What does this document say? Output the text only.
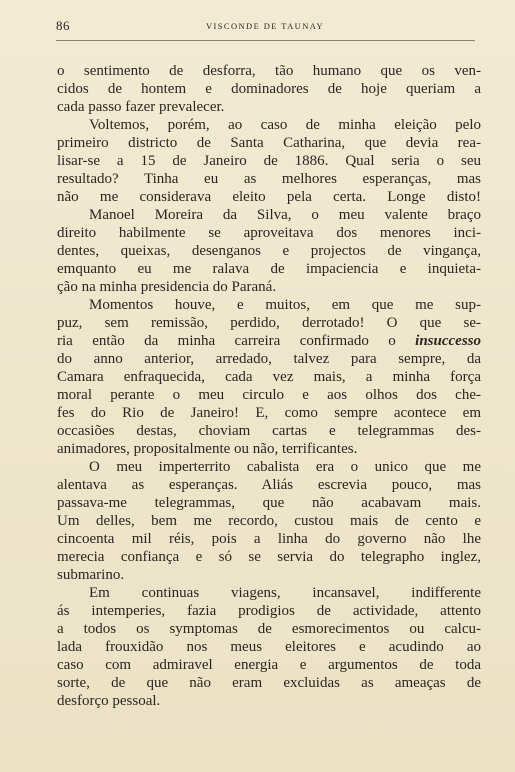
86	VISCONDE DE TAUNAY
o sentimento de desforra, tão humano que os ven-
cidos de hontem e dominadores de hoje queriam a
cada passo fazer prevalecer.
Voltemos, porém, ao caso de minha eleição pelo
primeiro districto de Santa Catharina, que devia rea-
lisar-se a 15 de Janeiro de 1886. Qual seria o seu
resultado? Tinha eu as melhores esperanças, mas
não me considerava eleito pela certa. Longe disto!
Manoel Moreira da Silva, o meu valente braço
direito habilmente se aproveitava dos menores inci-
dentes, queixas, desenganos e projectos de vingança,
emquanto eu me ralava de impaciencia e inquieta-
ção na minha presidencia do Paraná.
Momentos houve, e muitos, em que me sup-
puz, sem remissão, perdido, derrotado! O que se-
ria então da minha carreira confirmado o insuccesso
do anno anterior, arredado, talvez para sempre, da
Camara enfraquecida, cada vez mais, a minha força
moral perante o meu circulo e aos olhos dos che-
fes do Rio de Janeiro! E, como sempre acontece em
occasiões destas, choviam cartas e telegrammas des-
animadores, propositalmente ou não, terrificantes.
O meu imperterrito cabalista era o unico que me
alentava as esperanças. Aliás escrevia pouco, mas
passava-me telegrammas, que não acabavam mais.
Um delles, bem me recordo, custou mais de cento e
cincoenta mil réis, pois a linha do governo não lhe
merecia confiança e só se servia do telegrapho inglez,
submarino.
Em continuas viagens, incansavel, indifferente
ás intemperies, fazia prodigios de actividade, attento
a todos os symptomas de esmorecimentos ou calcu-
lada frouxidão nos meus eleitores e acudindo ao
caso com admiravel energia e argumentos de toda
sorte, de que não eram excluidas as ameaças de
desforço pessoal.
